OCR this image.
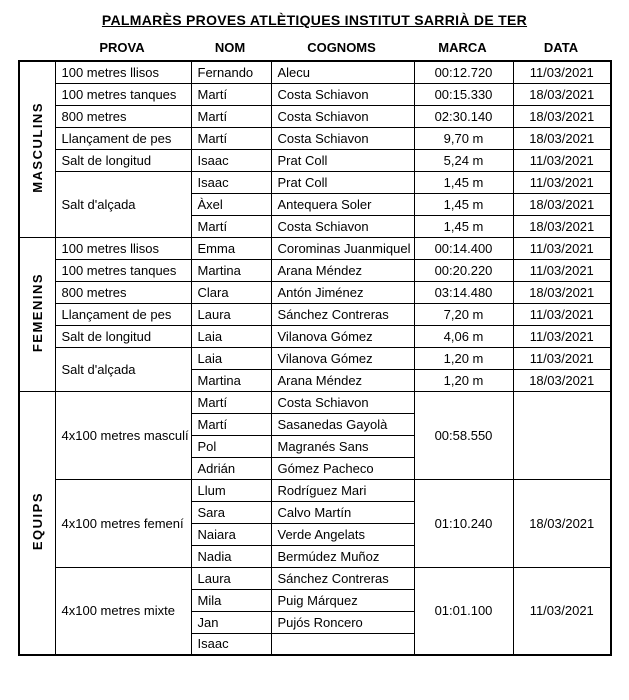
PALMARÈS PROVES ATLÈTIQUES INSTITUT SARRIÀ DE TER
PROVA	NOM	COGNOMS	MARCA	DATA
MASCULINS	100 metres llisos	Fernando	Alecu	00:12.720	11/03/2021
	100 metres tanques	Martí	Costa Schiavon	00:15.330	18/03/2021
	800 metres	Martí	Costa Schiavon	02:30.140	18/03/2021
	Llançament de pes	Martí	Costa Schiavon	9,70 m	18/03/2021
	Salt de longitud	Isaac	Prat Coll	5,24 m	11/03/2021
	Salt d'alçada	Isaac	Prat Coll	1,45 m	11/03/2021
		Àxel	Antequera Soler	1,45 m	18/03/2021
		Martí	Costa Schiavon	1,45 m	18/03/2021
FEMENINS	100 metres llisos	Emma	Corominas Juanmiquel	00:14.400	11/03/2021
	100 metres tanques	Martina	Arana Méndez	00:20.220	11/03/2021
	800 metres	Clara	Antón Jiménez	03:14.480	18/03/2021
	Llançament de pes	Laura	Sánchez Contreras	7,20 m	11/03/2021
	Salt de longitud	Laia	Vilanova Gómez	4,06 m	11/03/2021
	Salt d'alçada	Laia	Vilanova Gómez	1,20 m	11/03/2021
		Martina	Arana Méndez	1,20 m	18/03/2021
EQUIPS	4x100 metres masculí	Martí	Costa Schiavon	00:58.550	
		Martí	Sasanedas Gayolà		
		Pol	Magranés Sans		
		Adrián	Gómez Pacheco		
	4x100 metres femení	Llum	Rodríguez Mari	01:10.240	18/03/2021
		Sara	Calvo Martín		
		Naiara	Verde Angelats		
		Nadia	Bermúdez Muñoz		
	4x100 metres mixte	Laura	Sánchez Contreras	01:01.100	11/03/2021
		Mila	Puig Márquez		
		Jan	Pujós Roncero		
		Isaac			
